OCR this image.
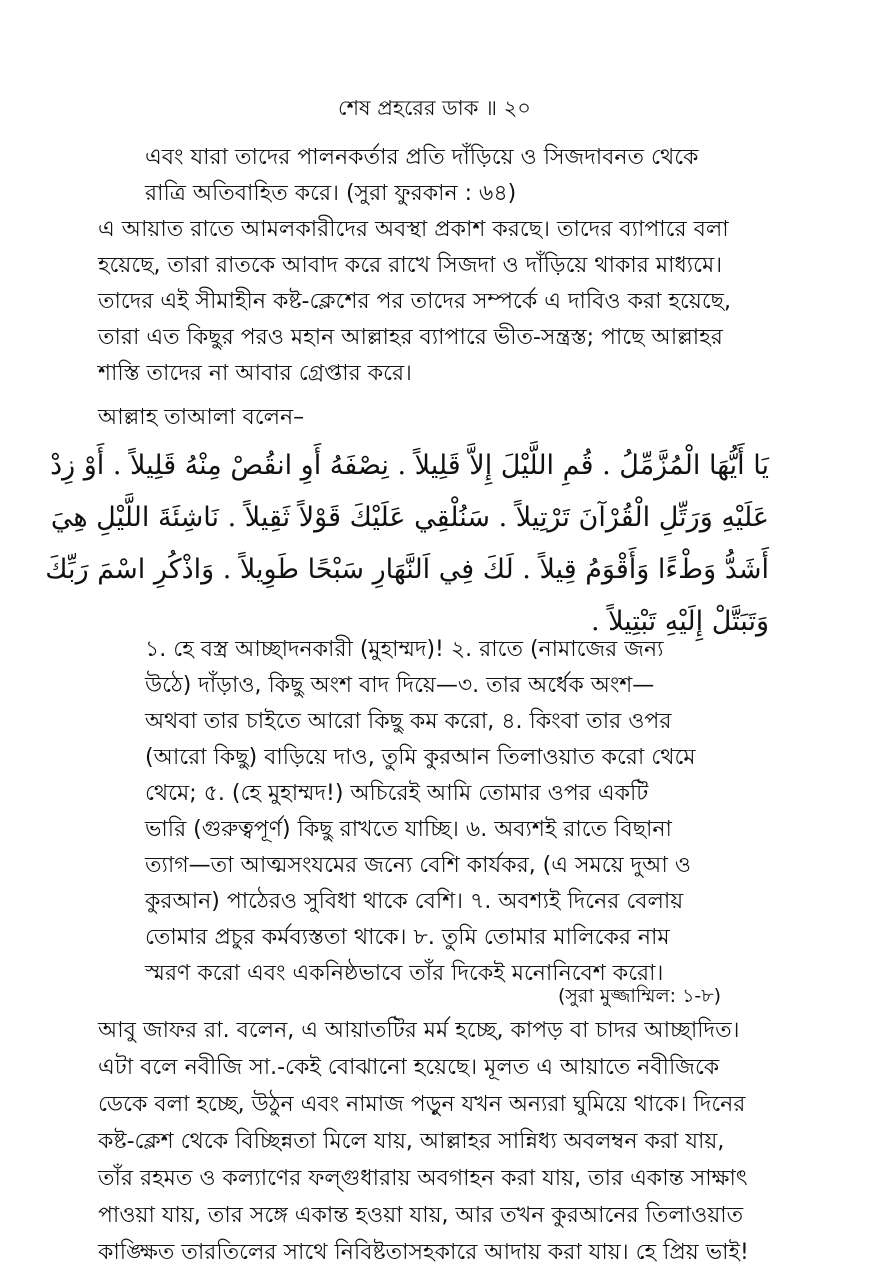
শেষ প্রহরের ডাক ॥ ২০
এবং যারা তাদের পালনকর্তার প্রতি দাঁড়িয়ে ও সিজদাবনত থেকে
রাত্রি অতিবাহিত করে। (সুরা ফুরকান : ৬৪)
এ আয়াত রাতে আমলকারীদের অবস্থা প্রকাশ করছে। তাদের ব্যাপারে বলা
হয়েছে, তারা রাতকে আবাদ করে রাখে সিজদা ও দাঁড়িয়ে থাকার মাধ্যমে।
তাদের এই সীমাহীন কষ্ট-ক্লেশের পর তাদের সম্পর্কে এ দাবিও করা হয়েছে,
তারা এত কিছুর পরও মহান আল্লাহর ব্যাপারে ভীত-সন্ত্রস্ত; পাছে আল্লাহর
শাস্তি তাদের না আবার গ্রেপ্তার করে।
আল্লাহ তাআলা বলেন–
يَا أَيُّهَا الْمُزَّمِّلُ . قُمِ اللَّيْلَ إِلاَّ قَلِيلاً . نِصْفَهُ أَوِ انقُصْ مِنْهُ قَلِيلاً . أَوْ زِدْ
عَلَيْهِ وَرَتِّلِ الْقُرْآنَ تَرْتِيلاً . سَنُلْقِي عَلَيْكَ قَوْلاً ثَقِيلاً . نَاشِئَةَ اللَّيْلِ هِيَ
أَشَدُّ وَطْءًا وَأَقْوَمُ قِيلاً . لَكَ فِي اَلنَّهَارِ سَبْحًا طَوِيلاً . وَاذْكُرِ اسْمَ رَبِّكَ
وَتَبَتَّلْ إِلَيْهِ تَبْتِيلاً .
১. হে বস্ত্র আচ্ছাদনকারী (মুহাম্মদ)! ২. রাতে (নামাজের জন্য
উঠে) দাঁড়াও, কিছু অংশ বাদ দিয়ে—৩. তার অর্ধেক অংশ—
অথবা তার চাইতে আরো কিছু কম করো, ৪. কিংবা তার ওপর
(আরো কিছু) বাড়িয়ে দাও, তুমি কুরআন তিলাওয়াত করো থেমে
থেমে; ৫. (হে মুহাম্মদ!) অচিরেই আমি তোমার ওপর একটি
ভারি (গুরুত্বপূর্ণ) কিছু রাখতে যাচ্ছি। ৬. অব্যশই রাতে বিছানা
ত্যাগ—তা আত্মসংযমের জন্যে বেশি কার্যকর, (এ সময়ে দুআ ও
কুরআন) পাঠেরও সুবিধা থাকে বেশি। ৭. অবশ্যই দিনের বেলায়
তোমার প্রচুর কর্মব্যস্ততা থাকে। ৮. তুমি তোমার মালিকের নাম
স্মরণ করো এবং একনিষ্ঠভাবে তাঁর দিকেই মনোনিবেশ করো।
(সুরা মুজ্জাম্মিল: ১-৮)
আবু জাফর রা. বলেন, এ আয়াতটির মর্ম হচ্ছে, কাপড় বা চাদর আচ্ছাদিত।
এটা বলে নবীজি সা.-কেই বোঝানো হয়েছে। মূলত এ আয়াতে নবীজিকে
ডেকে বলা হচ্ছে, উঠুন এবং নামাজ পড়ুন যখন অন্যরা ঘুমিয়ে থাকে। দিনের
কষ্ট-ক্লেশ থেকে বিচ্ছিন্নতা মিলে যায়, আল্লাহর সান্নিধ্য অবলম্বন করা যায়,
তাঁর রহমত ও কল্যাণের ফল্গুধারায় অবগাহন করা যায়, তার একান্ত সাক্ষাৎ
পাওয়া যায়, তার সঙ্গে একান্ত হওয়া যায়, আর তখন কুরআনের তিলাওয়াত
কাঙ্ক্ষিত তারতিলের সাথে নিবিষ্টতাসহকারে আদায় করা যায়। হে প্রিয় ভাই!
